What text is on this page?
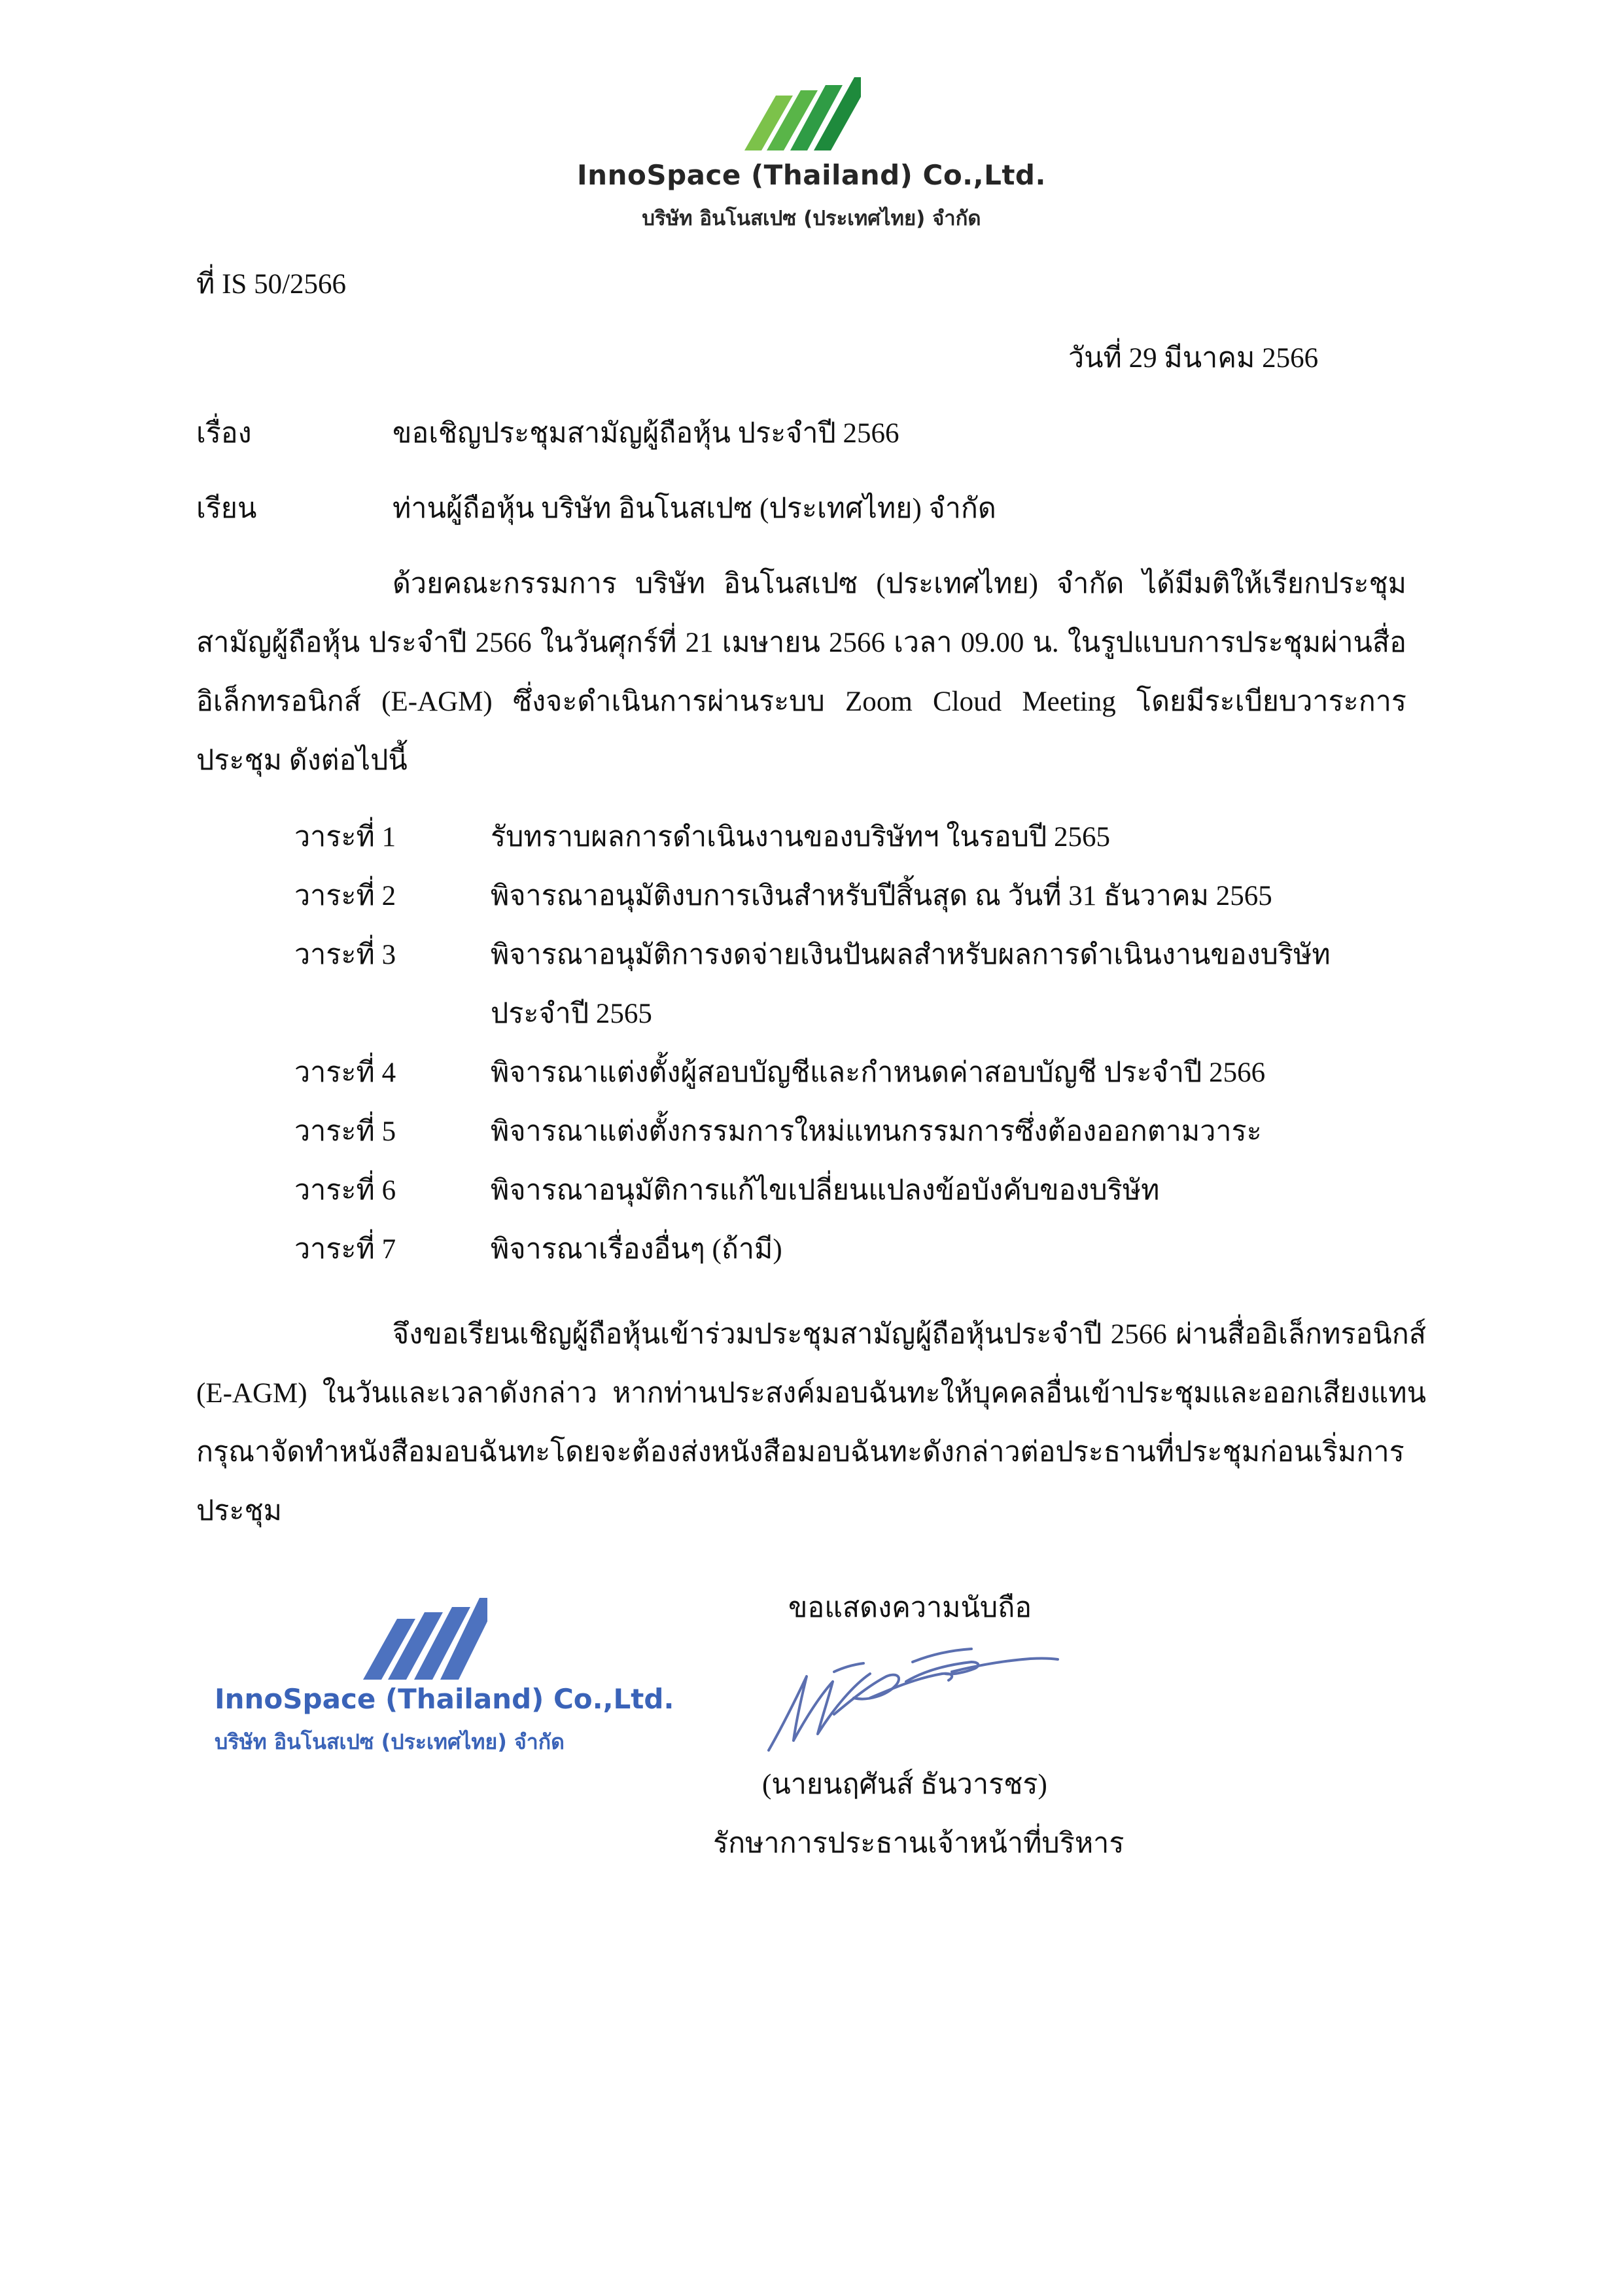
InnoSpace (Thailand) Co.,Ltd.
บริษัท อินโนสเปซ (ประเทศไทย) จำกัด
ที่ IS 50/2566
วันที่ 29 มีนาคม 2566
เรื่อง	ขอเชิญประชุมสามัญผู้ถือหุ้น ประจำปี 2566
เรียน	ท่านผู้ถือหุ้น บริษัท อินโนสเปซ (ประเทศไทย) จำกัด
ด้วยคณะกรรมการ บริษัท อินโนสเปซ (ประเทศไทย) จำกัด ได้มีมติให้เรียกประชุม
สามัญผู้ถือหุ้น ประจำปี 2566 ในวันศุกร์ที่ 21 เมษายน 2566 เวลา 09.00 น. ในรูปแบบการประชุมผ่านสื่อ
อิเล็กทรอนิกส์ (E-AGM) ซึ่งจะดำเนินการผ่านระบบ Zoom Cloud Meeting โดยมีระเบียบวาระการ
ประชุม ดังต่อไปนี้
วาระที่ 1	รับทราบผลการดำเนินงานของบริษัทฯ ในรอบปี 2565
วาระที่ 2	พิจารณาอนุมัติงบการเงินสำหรับปีสิ้นสุด ณ วันที่ 31 ธันวาคม 2565
วาระที่ 3	พิจารณาอนุมัติการงดจ่ายเงินปันผลสำหรับผลการดำเนินงานของบริษัท
ประจำปี 2565
วาระที่ 4	พิจารณาแต่งตั้งผู้สอบบัญชีและกำหนดค่าสอบบัญชี ประจำปี 2566
วาระที่ 5	พิจารณาแต่งตั้งกรรมการใหม่แทนกรรมการซึ่งต้องออกตามวาระ
วาระที่ 6	พิจารณาอนุมัติการแก้ไขเปลี่ยนแปลงข้อบังคับของบริษัท
วาระที่ 7	พิจารณาเรื่องอื่นๆ (ถ้ามี)
จึงขอเรียนเชิญผู้ถือหุ้นเข้าร่วมประชุมสามัญผู้ถือหุ้นประจำปี 2566 ผ่านสื่ออิเล็กทรอนิกส์
(E-AGM) ในวันและเวลาดังกล่าว หากท่านประสงค์มอบฉันทะให้บุคคลอื่นเข้าประชุมและออกเสียงแทน
กรุณาจัดทำหนังสือมอบฉันทะโดยจะต้องส่งหนังสือมอบฉันทะดังกล่าวต่อประธานที่ประชุมก่อนเริ่มการ
ประชุม
ขอแสดงความนับถือ
(นายนฤศันส์ ธันวารชร)
รักษาการประธานเจ้าหน้าที่บริหาร
InnoSpace (Thailand) Co.,Ltd.
บริษัท อินโนสเปซ (ประเทศไทย) จำกัด
